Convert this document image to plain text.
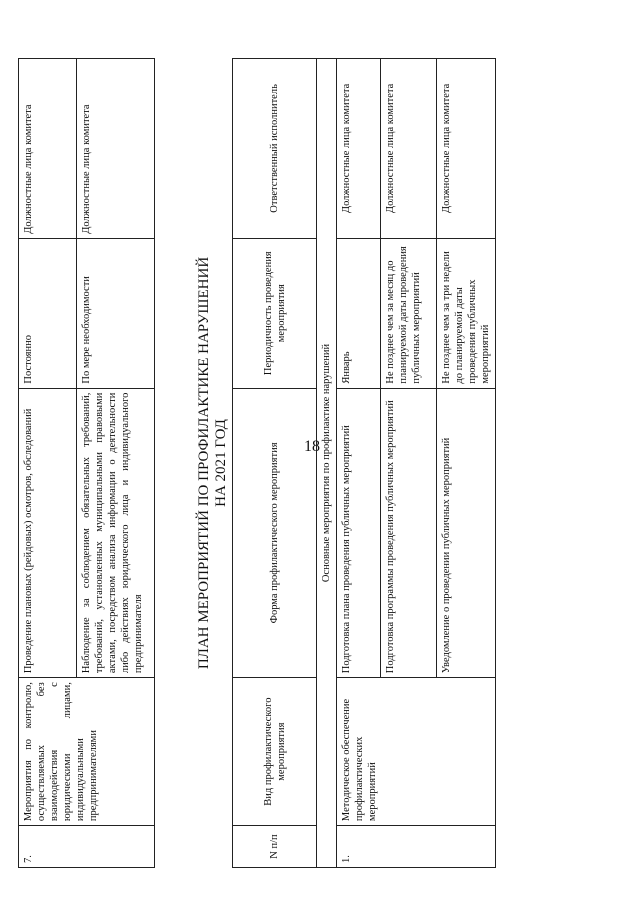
18
7.	Мероприятия по контролю, осуществляемых без взаимодействия с юридическими лицами, индивидуальными предпринимателями	Проведение плановых (рейдовых) осмотров, обследований	Постоянно	Должностные лица комитета
		Наблюдение за соблюдением обязательных требований, требований, установленных муниципальными правовыми актами, посредством анализа информации о деятельности либо действиях юридического лица и индивидуального предпринимателя	По мере необходимости	Должностные лица комитета
ПЛАН МЕРОПРИЯТИЙ ПО ПРОФИЛАКТИКЕ НАРУШЕНИЙ НА 2021 ГОД
N п/п	Вид профилактического мероприятия	Форма профилактического мероприятия	Периодичность проведения мероприятия	Ответственный исполнитель
Основные мероприятия по профилактике нарушений				
1.	Методическое обеспечение профилактических мероприятий	Подготовка плана проведения публичных мероприятий	Январь	Должностные лица комитета
		Подготовка программы проведения публичных мероприятий	Не позднее чем за месяц до планируемой даты проведения публичных мероприятий	Должностные лица комитета
		Уведомление о проведении публичных мероприятий	Не позднее чем за три недели до планируемой даты проведения публичных мероприятий	Должностные лица комитета
